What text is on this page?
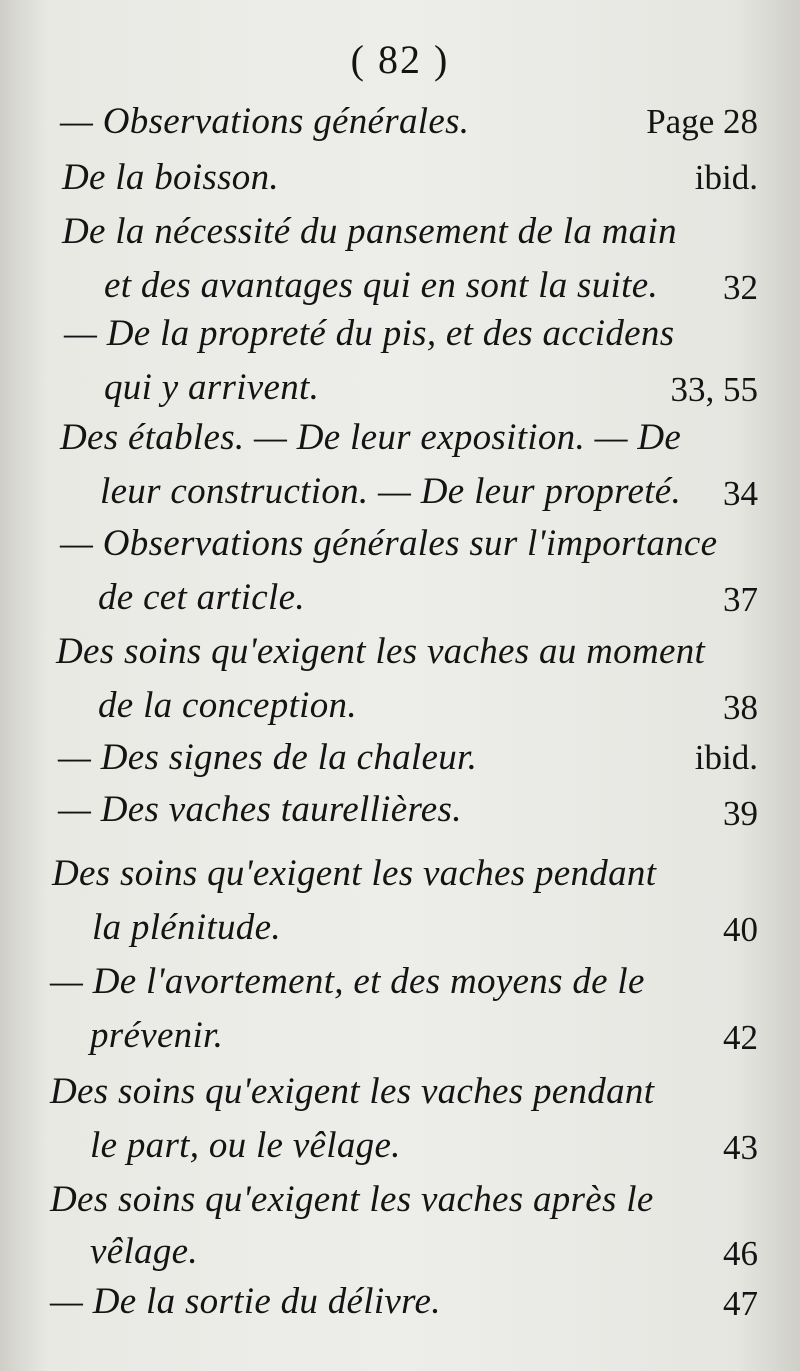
( 82 )
— Observations générales.	Page 28
De la boisson.	ibid.
De la nécessité du pansement de la main
et des avantages qui en sont la suite. 32
— De la propreté du pis, et des accidens
qui y arrivent.	33, 55
Des étables. — De leur exposition. — De
leur construction. — De leur propreté. 34
— Observations générales sur l'importance
de cet article.	37
Des soins qu'exigent les vaches au moment
de la conception.	38
— Des signes de la chaleur.	ibid.
— Des vaches taurellières.	39
Des soins qu'exigent les vaches pendant
la plénitude.	40
— De l'avortement, et des moyens de le
prévenir.	42
Des soins qu'exigent les vaches pendant
le part, ou le vêlage.	43
Des soins qu'exigent les vaches après le
vêlage.	46
— De la sortie du délivre.	47
